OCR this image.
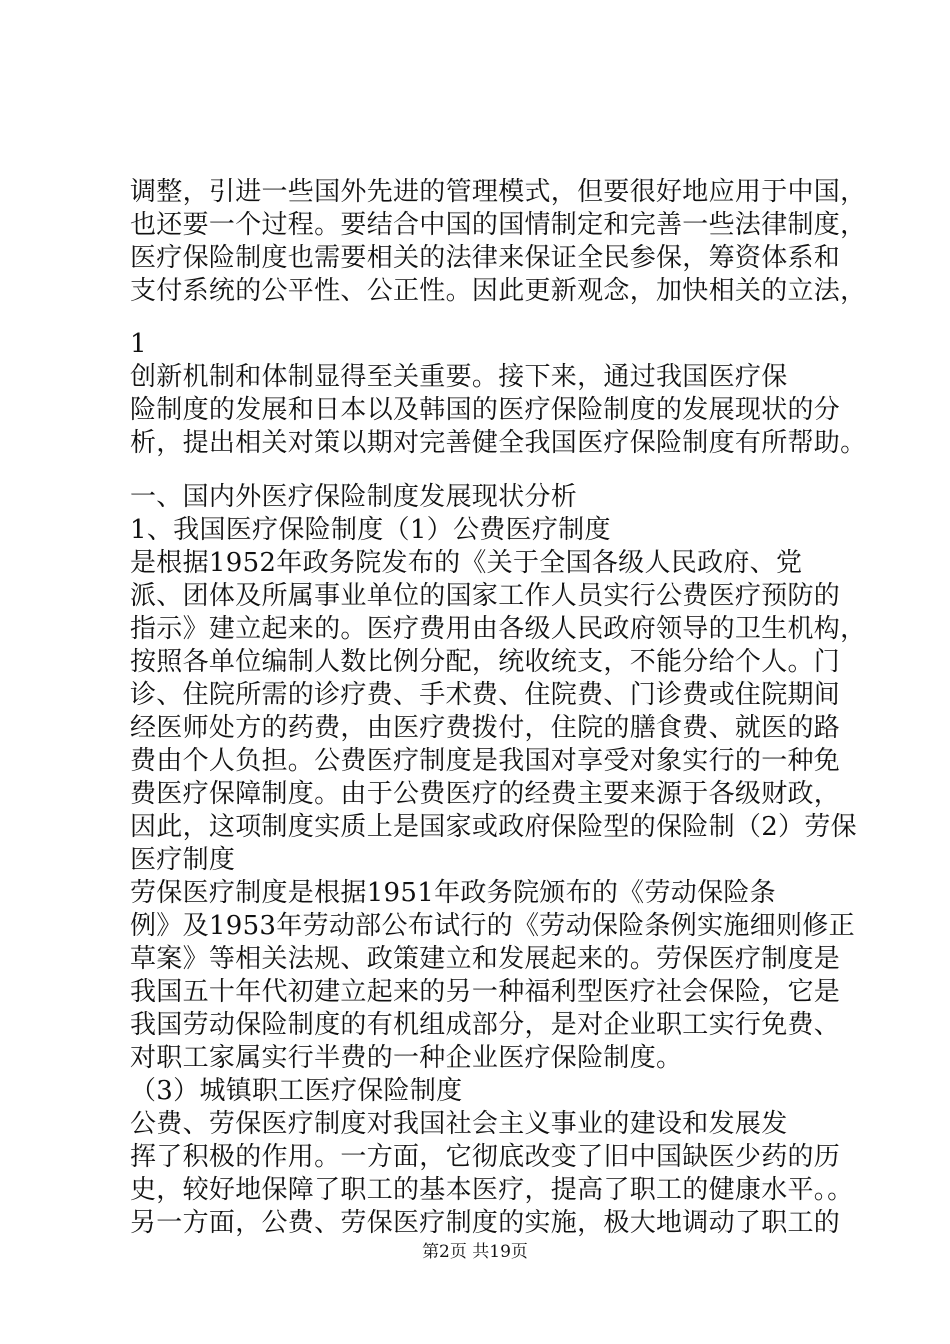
调整，引进一些国外先进的管理模式，但要很好地应用于中国，
也还要一个过程。要结合中国的国情制定和完善一些法律制度，
医疗保险制度也需要相关的法律来保证全民参保，筹资体系和
支付系统的公平性、公正性。因此更新观念，加快相关的立法，
1
创新机制和体制显得至关重要。接下来，通过我国医疗保
险制度的发展和日本以及韩国的医疗保险制度的发展现状的分
析，提出相关对策以期对完善健全我国医疗保险制度有所帮助。
一、国内外医疗保险制度发展现状分析
1、我国医疗保险制度（1）公费医疗制度
是根据1952年政务院发布的《关于全国各级人民政府、党
派、团体及所属事业单位的国家工作人员实行公费医疗预防的
指示》建立起来的。医疗费用由各级人民政府领导的卫生机构，
按照各单位编制人数比例分配，统收统支，不能分给个人。门
诊、住院所需的诊疗费、手术费、住院费、门诊费或住院期间
经医师处方的药费，由医疗费拨付，住院的膳食费、就医的路
费由个人负担。公费医疗制度是我国对享受对象实行的一种免
费医疗保障制度。由于公费医疗的经费主要来源于各级财政，
因此，这项制度实质上是国家或政府保险型的保险制（2）劳保
医疗制度
劳保医疗制度是根据1951年政务院颁布的《劳动保险条
例》及1953年劳动部公布试行的《劳动保险条例实施细则修正
草案》等相关法规、政策建立和发展起来的。劳保医疗制度是
我国五十年代初建立起来的另一种福利型医疗社会保险，它是
我国劳动保险制度的有机组成部分，是对企业职工实行免费、
对职工家属实行半费的一种企业医疗保险制度。
（3）城镇职工医疗保险制度
公费、劳保医疗制度对我国社会主义事业的建设和发展发
挥了积极的作用。一方面，它彻底改变了旧中国缺医少药的历
史，较好地保障了职工的基本医疗，提高了职工的健康水平。。
另一方面，公费、劳保医疗制度的实施，极大地调动了职工的
第2页 共19页
